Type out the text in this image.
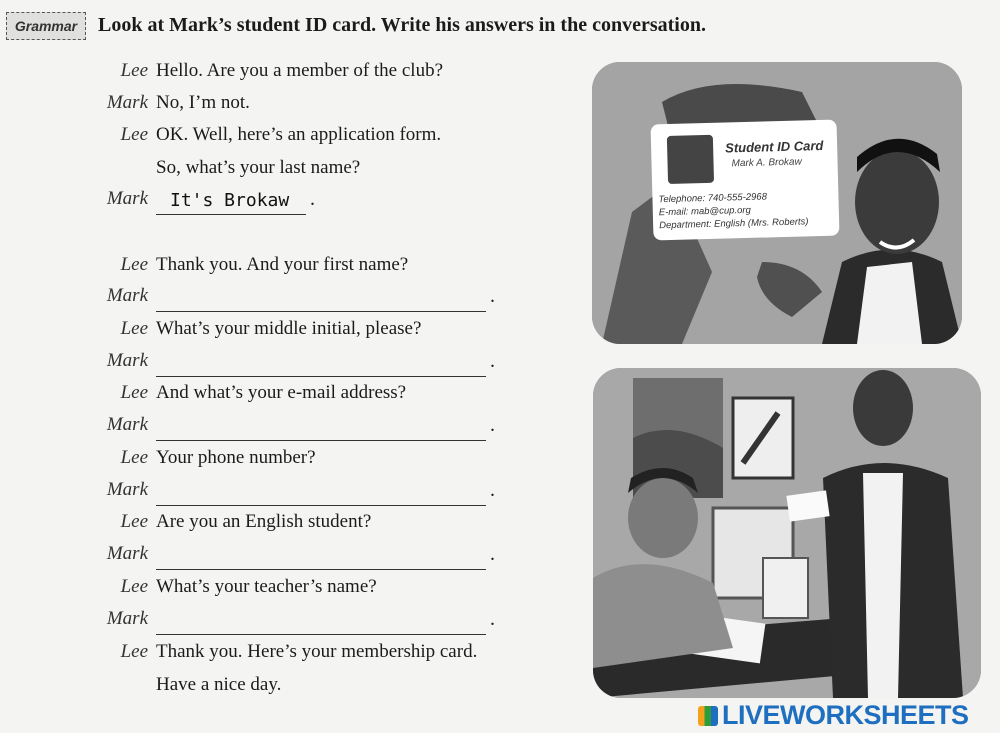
Grammar	Look at Mark’s student ID card. Write his answers in the conversation.
Lee Hello. Are you a member of the club?
Mark No, I’m not.
Lee OK. Well, here’s an application form.
So, what’s your last name?
Mark It's Brokaw .
Lee Thank you. And your first name?
Mark	.
Lee What’s your middle initial, please?
Mark	.
Lee And what’s your e-mail address?
Mark	.
Lee Your phone number?
Mark	.
Lee Are you an English student?
Mark	.
Lee What’s your teacher’s name?
Mark	.
Lee Thank you. Here’s your membership card.
Have a nice day.
Student ID Card
Mark A. Brokaw
Telephone: 740-555-2968
E-mail: mab@cup.org
Department: English (Mrs. Roberts)
LIVEWORKSHEETS
